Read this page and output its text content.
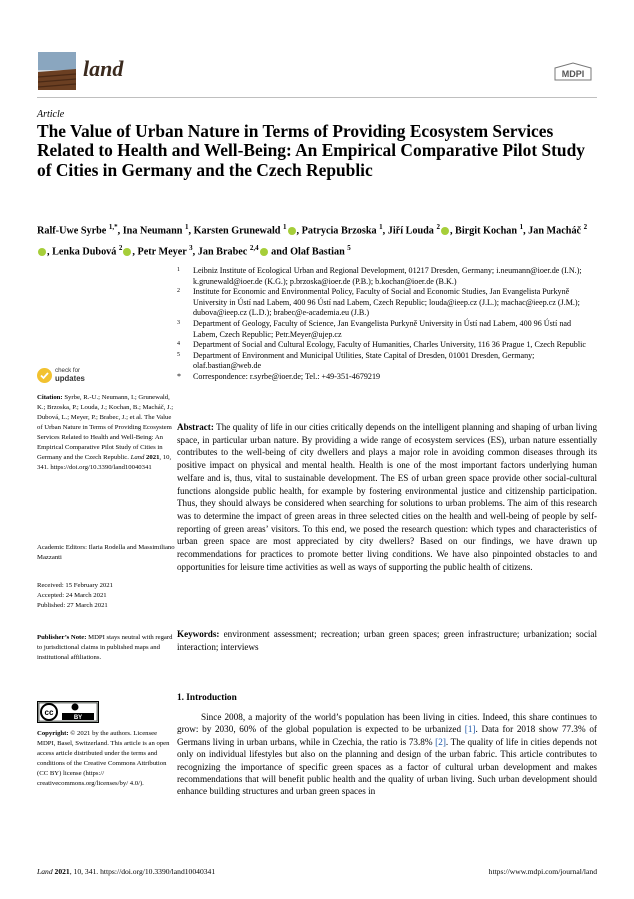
land	MDPI
Article
The Value of Urban Nature in Terms of Providing Ecosystem Services Related to Health and Well-Being: An Empirical Comparative Pilot Study of Cities in Germany and the Czech Republic
Ralf-Uwe Syrbe $^{1,*}$, Ina Neumann $^1$, Karsten Grunewald $^1$ , Patrycia Brzoska $^1$, Jiří Louda $^2$ , Birgit Kochan $^1$, Jan Macháč $^2$, Lenka Dubová $^2$ , Petr Meyer $^3$, Jan Brabec $^{2,4}$ and Olaf Bastian $^5$
1 Leibniz Institute of Ecological Urban and Regional Development, 01217 Dresden, Germany; i.neumann@ioer.de (I.N.); k.grunewald@ioer.de (K.G.); p.brzoska@ioer.de (P.B.); b.kochan@ioer.de (B.K.)
2 Institute for Economic and Environmental Policy, Faculty of Social and Economic Studies, Jan Evangelista Purkyně University in Ústí nad Labem, 400 96 Ústí nad Labem, Czech Republic; louda@ieep.cz (J.L.); machac@ieep.cz (J.M.); dubova@ieep.cz (L.D.); brabec@e-academia.eu (J.B.)
3 Department of Geology, Faculty of Science, Jan Evangelista Purkyně University in Ústí nad Labem, 400 96 Ústí nad Labem, Czech Republic; Petr.Meyer@ujep.cz
4 Department of Social and Cultural Ecology, Faculty of Humanities, Charles University, 116 36 Prague 1, Czech Republic
5 Department of Environment and Municipal Utilities, State Capital of Dresden, 01001 Dresden, Germany; olaf.bastian@web.de
* Correspondence: r.syrbe@ioer.de; Tel.: +49-351-4679219
check for
updates
Citation: Syrbe, R.-U.; Neumann, I.; Grunewald, K.; Brzoska, P.; Louda, J.; Kochan, B.; Macháč, J.; Dubová, L.; Meyer, P.; Brabec, J.; et al. The Value of Urban Nature in Terms of Providing Ecosystem Services Related to Health and Well-Being: An Empirical Comparative Pilot Study of Cities in Germany and the Czech Republic. Land 2021, 10, 341. https://doi.org/10.3390/land10040341
Academic Editors: Ilaria Rodella and Massimiliano Mazzanti
Received: 15 February 2021
Accepted: 24 March 2021
Published: 27 March 2021
Publisher’s Note: MDPI stays neutral with regard to jurisdictional claims in published maps and institutional affiliations.
cc
BY
Copyright: © 2021 by the authors. Licensee MDPI, Basel, Switzerland. This article is an open access article distributed under the terms and conditions of the Creative Commons Attribution (CC BY) license (https:// creativecommons.org/licenses/by/ 4.0/).
Abstract: The quality of life in our cities critically depends on the intelligent planning and shaping of urban living space, in particular urban nature. By providing a wide range of ecosystem services (ES), urban nature essentially contributes to the well-being of city dwellers and plays a major role in avoiding common diseases through its positive impact on physical and mental health. Health is one of the most important factors underlying human welfare and is, thus, vital to sustainable development. The ES of urban green space provide other social-cultural functions alongside public health, for example by fostering environmental justice and citizenship participation. Thus, they should always be considered when searching for solutions to urban problems. The aim of this research was to determine the impact of green areas in three selected cities on the health and well-being of people by self-reporting of green areas’ visitors. To this end, we posed the research question: which types and characteristics of urban green space are most appreciated by city dwellers? Based on our findings, we have drawn up recommendations for practices to promote better living conditions. We have also pinpointed obstacles to and opportunities for leisure time activities as well as ways of supporting the public health of citizens.
Keywords: environment assessment; recreation; urban green spaces; green infrastructure; urbanization; social interaction; interviews
1. Introduction
Since 2008, a majority of the world’s population has been living in cities. Indeed, this share continues to grow: by 2030, 60% of the global population is expected to be urbanized [1]. Data for 2018 show 77.3% of Germans living in urban urbans, while in Czechia, the ratio is 73.8% [2]. The quality of life in cities depends not only on individual lifestyles but also on the planning and design of the urban fabric. This article contributes to recognizing the importance of specific green spaces as a factor of cultural urban development and makes recommendations that will benefit public health and the quality of urban living. Such urban development should enhance building structures and urban green spaces in
Land 2021, 10, 341. https://doi.org/10.3390/land10040341	https://www.mdpi.com/journal/land
